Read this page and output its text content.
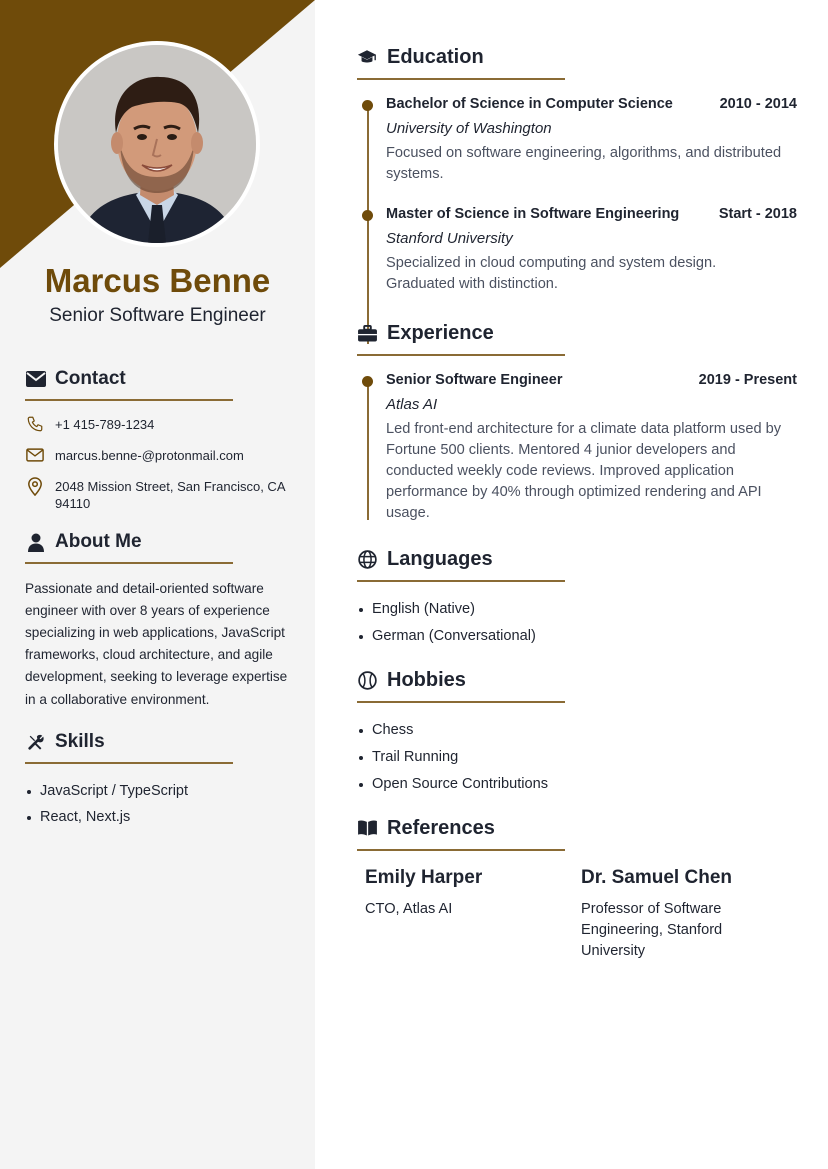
Marcus Benne
Senior Software Engineer
Contact
+1 415-789-1234
marcus.benne-@protonmail.com
2048 Mission Street, San Francisco, CA 94110
About Me

Passionate and detail-oriented software engineer with over 8 years of experience specializing in web applications, JavaScript frameworks, cloud architecture, and agile development, seeking to leverage expertise in a collaborative environment.

Skills
JavaScript / TypeScript
React, Next.js
Education
Bachelor of Science in Computer Science	2010 - 2014
University of Washington
Focused on software engineering, algorithms, and distributed systems.
Master of Science in Software Engineering	Start - 2018
Stanford University
Specialized in cloud computing and system design. Graduated with distinction.
Experience
Senior Software Engineer	2019 - Present
Atlas AI
Led front-end architecture for a climate data platform used by Fortune 500 clients. Mentored 4 junior developers and conducted weekly code reviews. Improved application performance by 40% through optimized rendering and API usage.
Languages
English (Native)
German (Conversational)
Hobbies
Chess
Trail Running
Open Source Contributions
References
Emily Harper
CTO, Atlas AI
Dr. Samuel Chen
Professor of Software Engineering, Stanford University
